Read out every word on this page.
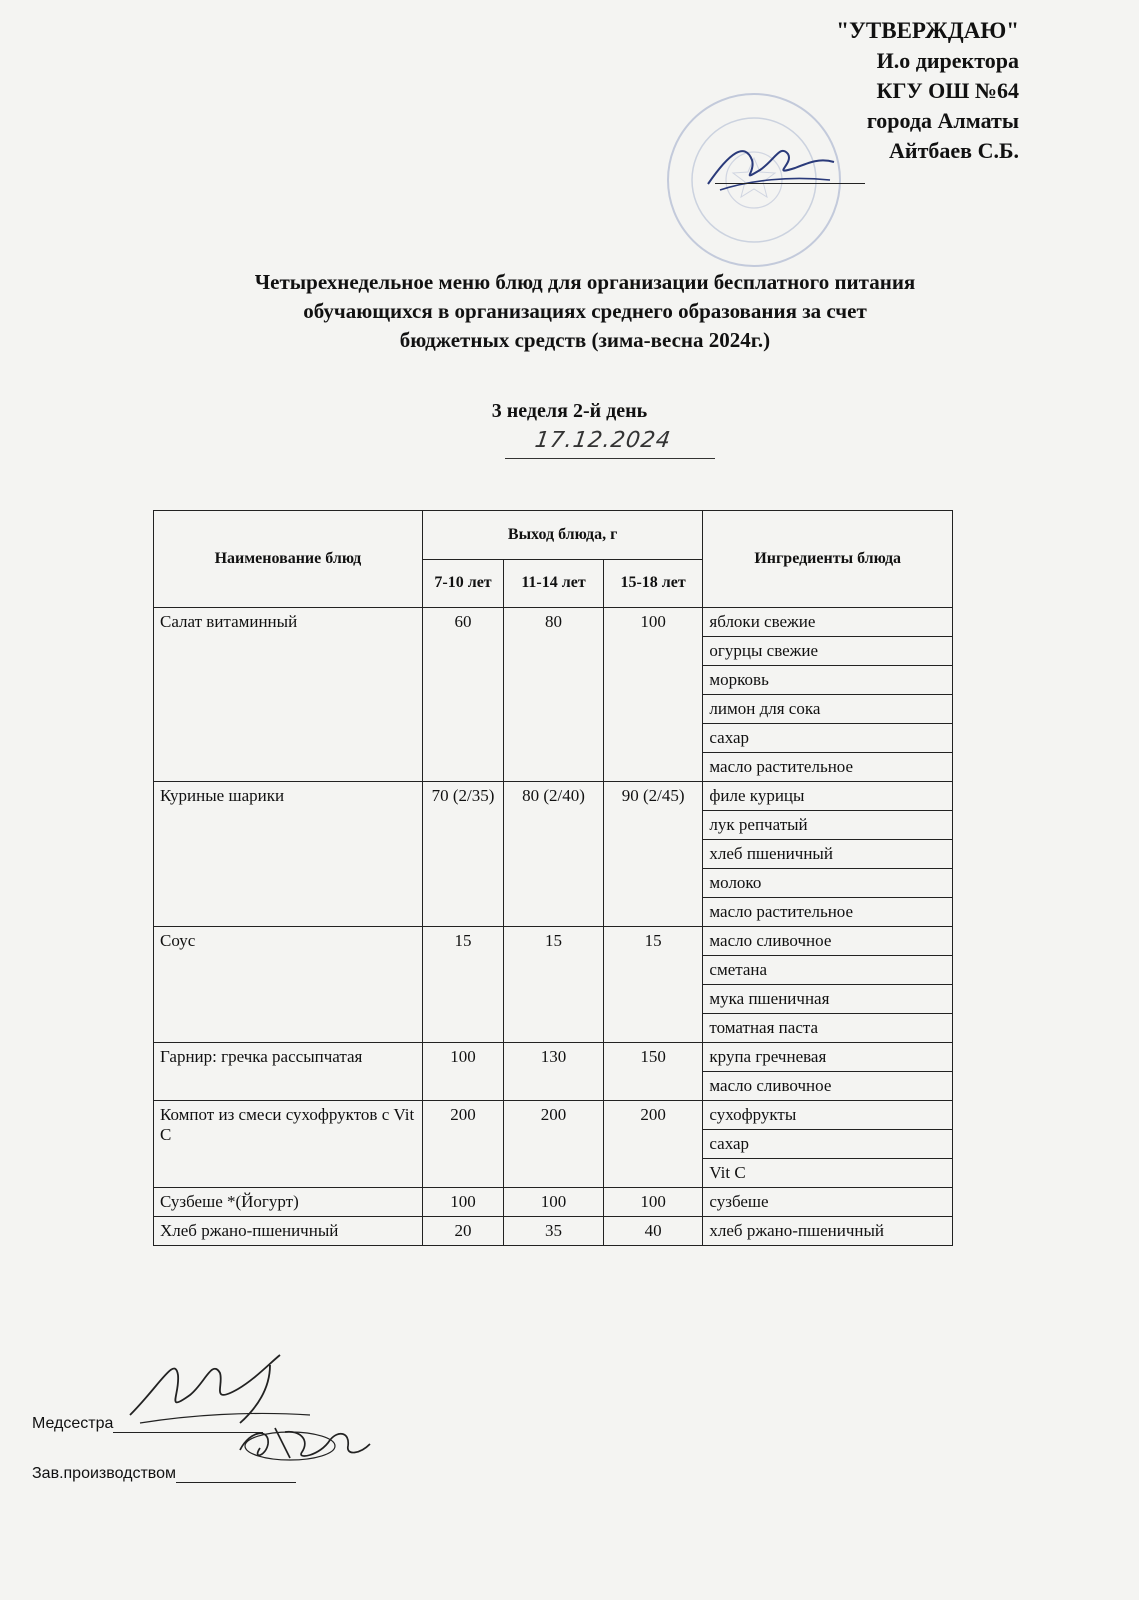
"УТВЕРЖДАЮ"
И.о директора
КГУ ОШ №64
города Алматы
Айтбаев С.Б.
Четырехнедельное меню блюд для организации бесплатного питания
обучающихся в организациях среднего образования за счет
бюджетных средств (зима-весна 2024г.)
3 неделя 2-й день
17.12.2024
Наименование блюд	Выход блюда, г			Ингредиенты блюда
	7-10 лет	11-14 лет	15-18 лет	
Салат витаминный	60	80	100	яблоки свежие
				огурцы свежие
				морковь
				лимон для сока
				сахар
				масло растительное
Куриные шарики	70 (2/35)	80 (2/40)	90 (2/45)	филе курицы
				лук репчатый
				хлеб пшеничный
				молоко
				масло растительное
Соус	15	15	15	масло сливочное
				сметана
				мука пшеничная
				томатная паста
Гарнир: гречка рассыпчатая	100	130	150	крупа гречневая
				масло сливочное
Компот из смеси сухофруктов с Vit C	200	200	200	сухофрукты
				сахар
				Vit C
Сузбеше *(Йогурт)	100	100	100	сузбеше
Хлеб ржано-пшеничный	20	35	40	хлеб ржано-пшеничный
Медсестра
Зав.производством
